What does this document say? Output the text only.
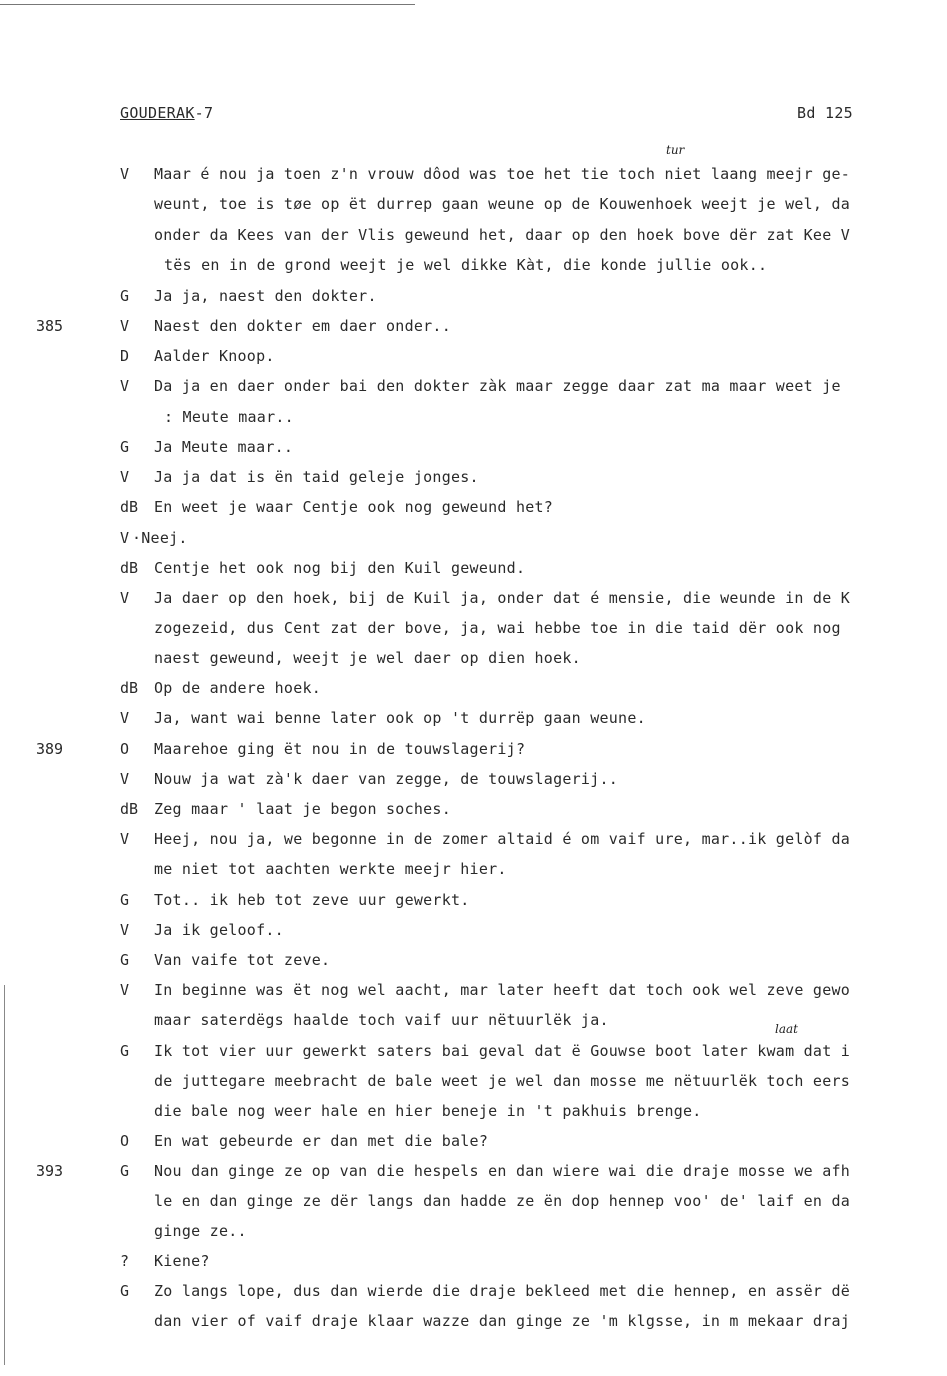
GOUDERAK-7	Bd 125
tur
laat
385
389
393
V Maar é nou ja toen z'n vrouw dôod was toe het tie toch niet laang meejr ge-
weunt, toe is tøe op ët durrep gaan weune op de Kouwenhoek weejt je wel, da
onder da Kees van der Vlis geweund het, daar op den hoek bove dër zat Kee V
tës en in de grond weejt je wel dikke Kàt, die konde jullie ook..
G Ja ja, naest den dokter.
V Naest den dokter em daer onder..
D Aalder Knoop.
V Da ja en daer onder bai den dokter zàk maar zegge daar zat ma maar weet je
: Meute maar..
G Ja Meute maar..
V Ja ja dat is ën taid geleje jonges.
dB En weet je waar Centje ook nog geweund het?
V ·Neej.
dB Centje het ook nog bij den Kuil geweund.
V Ja daer op den hoek, bij de Kuil ja, onder dat é mensie, die weunde in de K
zogezeid, dus Cent zat der bove, ja, wai hebbe toe in die taid dër ook nog
naest geweund, weejt je wel daer op dien hoek.
dB Op de andere hoek.
V Ja, want wai benne later ook op 't durrëp gaan weune.
O Maarehoe ging ët nou in de touwslagerij?
V Nouw ja wat zà'k daer van zegge, de touwslagerij..
dB Zeg maar ' laat je begon soches.
V Heej, nou ja, we begonne in de zomer altaid é om vaif ure, mar..ik gelòf da
me niet tot aachten werkte meejr hier.
G Tot.. ik heb tot zeve uur gewerkt.
V Ja ik geloof..
G Van vaife tot zeve.
V In beginne was ët nog wel aacht, mar later heeft dat toch ook wel zeve gewo
maar saterdëgs haalde toch vaif uur nëtuurlëk ja.
G Ik tot vier uur gewerkt saters bai geval dat ë Gouwse boot later kwam dat i
de juttegare meebracht de bale weet je wel dan mosse me nëtuurlëk toch eers
die bale nog weer hale en hier beneje in 't pakhuis brenge.
O En wat gebeurde er dan met die bale?
G Nou dan ginge ze op van die hespels en dan wiere wai die draje mosse we afh
le en dan ginge ze dër langs dan hadde ze ën dop hennep voo' de' laif en da
ginge ze..
? Kiene?
G Zo langs lope, dus dan wierde die draje bekleed met die hennep, en assër dë
dan vier of vaif draje klaar wazze dan ginge ze 'm klgsse, in m mekaar draj
